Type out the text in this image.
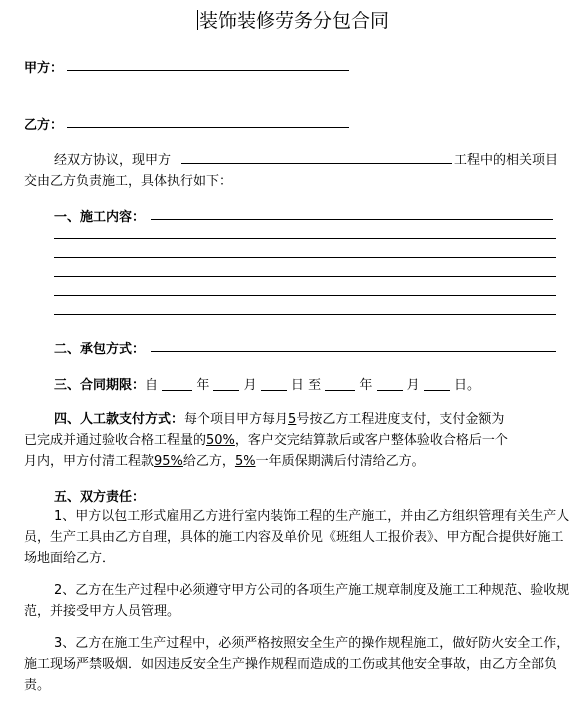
装饰装修劳务分包合同
甲方：
乙方：
经双方协议，现甲方	工程中的相关项目
交由乙方负责施工，具体执行如下：
一、施工内容：
二、承包方式：
三、合同期限：自	年	月	日 至	年	月	日。
四、人工款支付方式：每个项目甲方每月5号按乙方工程进度支付，支付金额为
已完成并通过验收合格工程量的50%，客户交完结算款后或客户整体验收合格后一个
月内，甲方付清工程款95%给乙方，5%一年质保期满后付清给乙方。
五、双方责任：
1、甲方以包工形式雇用乙方进行室内装饰工程的生产施工，并由乙方组织管理有关生产人员，生产工具由乙方自理，具体的施工内容及单价见《班组人工报价表》、甲方配合提供好施工场地面给乙方．
2、乙方在生产过程中必须遵守甲方公司的各项生产施工规章制度及施工工种规范、验收规范，并接受甲方人员管理。
3、乙方在施工生产过程中，必须严格按照安全生产的操作规程施工，做好防火安全工作，施工现场严禁吸烟．如因违反安全生产操作规程而造成的工伤或其他安全事故，由乙方全部负责。
